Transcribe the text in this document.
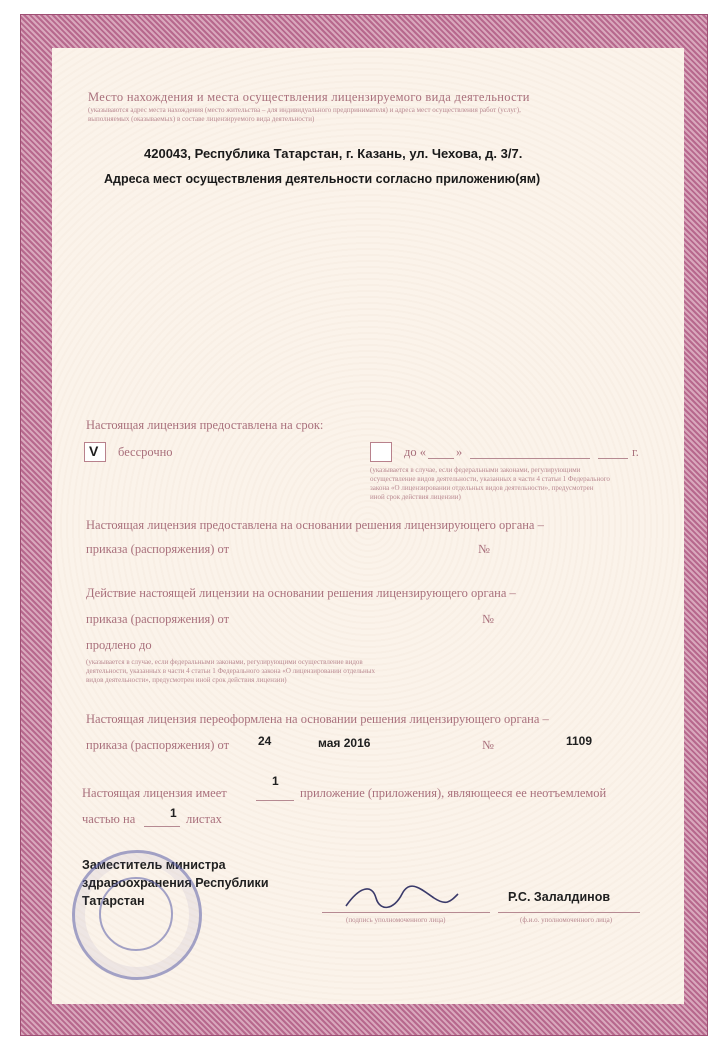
Место нахождения и места осуществления лицензируемого вида деятельности
(указываются адрес места нахождения (место жительства – для индивидуального предпринимателя) и адреса мест осуществления работ (услуг),
выполняемых (оказываемых) в составе лицензируемого вида деятельности)
420043, Республика Татарстан, г. Казань, ул. Чехова, д. 3/7.
Адреса мест осуществления деятельности согласно приложению(ям)
Настоящая лицензия предоставлена на срок:
V бессрочно	до « »	г.
(указывается в случае, если федеральными законами, регулирующими
осуществление видов деятельности, указанных в части 4 статьи 1 Федерального
закона «О лицензировании отдельных видов деятельности», предусмотрен
иной срок действия лицензии)
Настоящая лицензия предоставлена на основании решения лицензирующего органа –
приказа (распоряжения) от	№
Действие настоящей лицензии на основании решения лицензирующего органа –
приказа (распоряжения) от	№
продлено до
(указывается в случае, если федеральными законами, регулирующими осуществление видов
деятельности, указанных в части 4 статьи 1 Федерального закона «О лицензировании отдельных
видов деятельности», предусмотрен иной срок действия лицензии)
Настоящая лицензия переоформлена на основании решения лицензирующего органа –
приказа (распоряжения) от 24	мая 2016	№	1109
Настоящая лицензия имеет
1
приложение (приложения), являющееся ее неотъемлемой
частью на	1 листах
Заместитель министра
здравоохранения Республики
Татарстан
(подпись уполномоченного лица)
Р.С. Залалдинов
(ф.и.о. уполномоченного лица)
